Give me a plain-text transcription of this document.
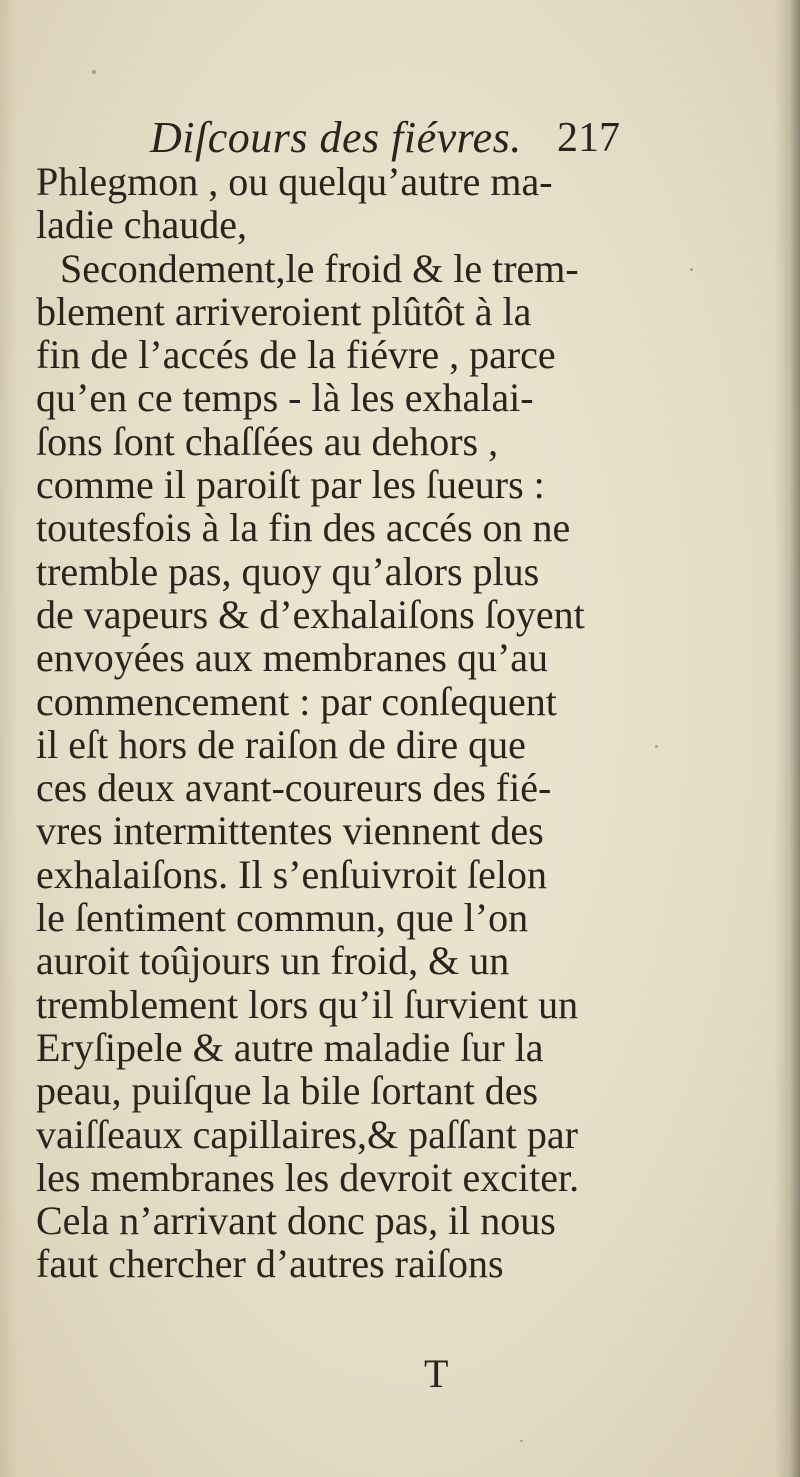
Diſcours des fiévres. 217
Phlegmon , ou quelqu’autre ma-
ladie chaude,
Secondement,le froid & le trem-
blement arriveroient plûtôt à la
fin de l’accés de la fiévre , parce
qu’en ce temps - là les exhalai-
ſons ſont chaſſées au dehors ,
comme il paroiſt par les ſueurs :
toutesfois à la fin des accés on ne
tremble pas, quoy qu’alors plus
de vapeurs & d’exhalaiſons ſoyent
envoyées aux membranes qu’au
commencement : par conſequent
il eſt hors de raiſon de dire que
ces deux avant-coureurs des fié-
vres intermittentes viennent des
exhalaiſons. Il s’enſuivroit ſelon
le ſentiment commun, que l’on
auroit toûjours un froid, & un
tremblement lors qu’il ſurvient un
Eryſipele & autre maladie ſur la
peau, puiſque la bile ſortant des
vaiſſeaux capillaires,& paſſant par
les membranes les devroit exciter.
Cela n’arrivant donc pas, il nous
faut chercher d’autres raiſons
T
